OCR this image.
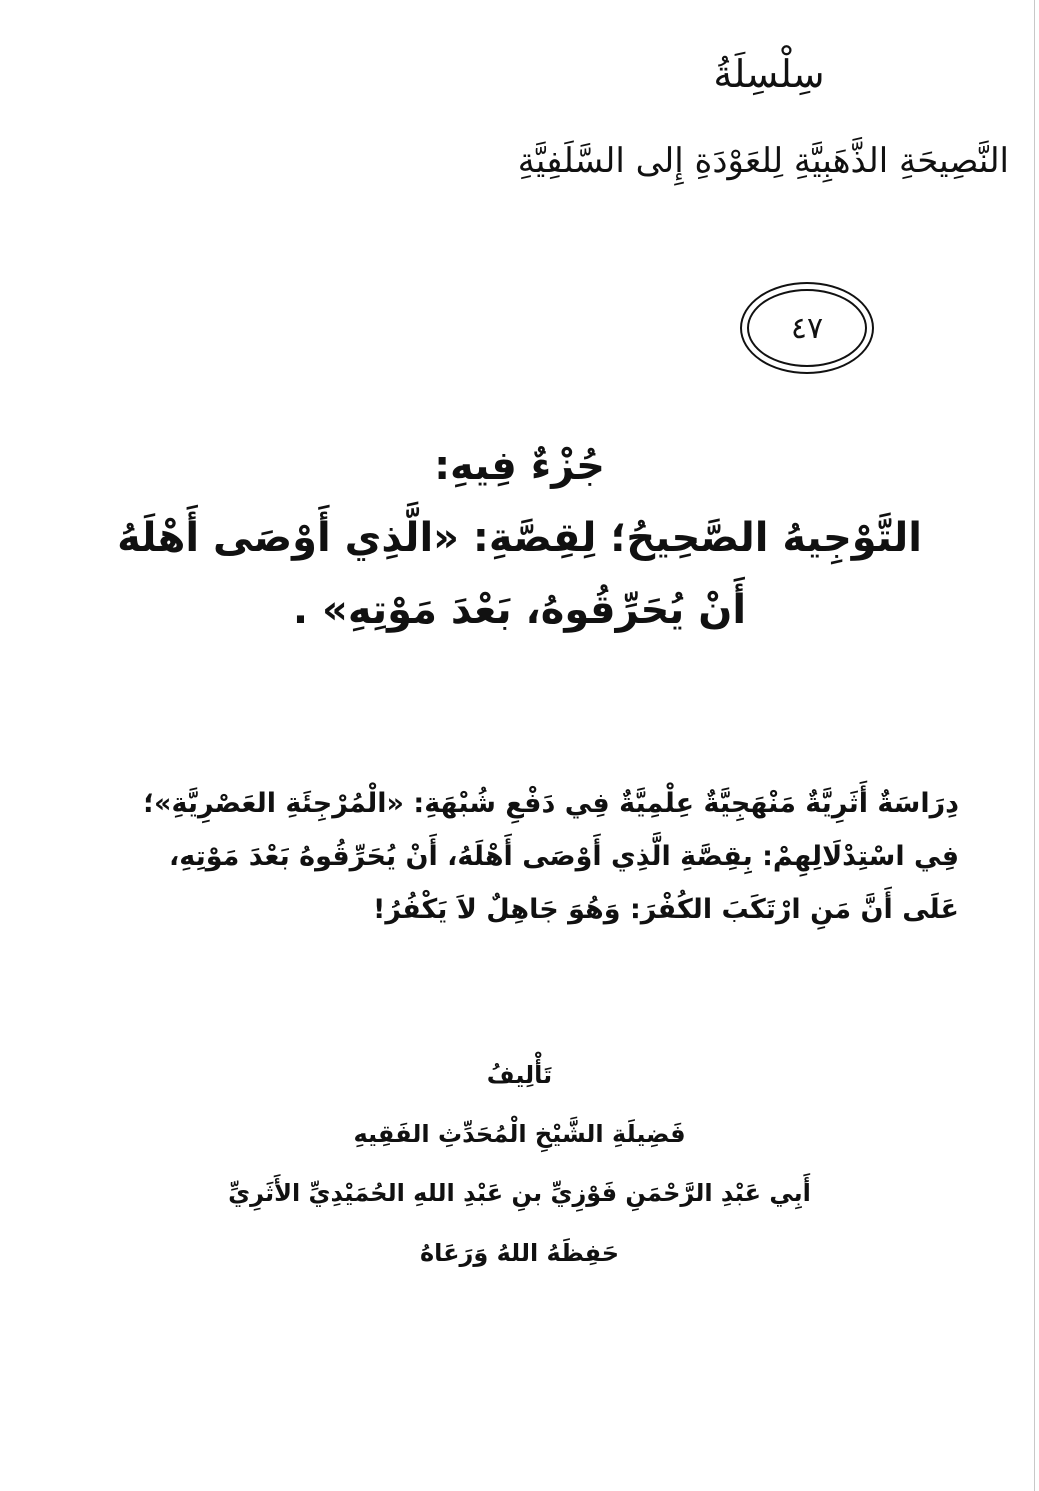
سِلْسِلَةُ

النَّصِيحَةِ الذَّهَبِيَّةِ لِلعَوْدَةِ إِلى السَّلَفِيَّةِ

٤٧

جُزْءٌ فِيهِ:

التَّوْجِيهُ الصَّحِيحُ؛ لِقِصَّةِ: «الَّذِي أَوْصَى أَهْلَهُ

أَنْ يُحَرِّقُوهُ، بَعْدَ مَوْتِهِ» .

دِرَاسَةٌ أَثَرِيَّةٌ مَنْهَجِيَّةٌ عِلْمِيَّةٌ فِي دَفْعِ شُبْهَةِ: «الْمُرْجِئَةِ العَصْرِيَّةِ»؛

فِي اسْتِدْلَالِهِمْ: بِقِصَّةِ الَّذِي أَوْصَى أَهْلَهُ، أَنْ يُحَرِّقُوهُ بَعْدَ مَوْتِهِ،

عَلَى أَنَّ مَنِ ارْتَكَبَ الكُفْرَ: وَهُوَ جَاهِلٌ لاَ يَكْفُرُ!

تَأْلِيفُ

فَضِيلَةِ الشَّيْخِ الْمُحَدِّثِ الفَقِيهِ

أَبِي عَبْدِ الرَّحْمَنِ فَوْزِيِّ بنِ عَبْدِ اللهِ الحُمَيْدِيِّ الأَثَرِيِّ

حَفِظَهُ اللهُ وَرَعَاهُ
